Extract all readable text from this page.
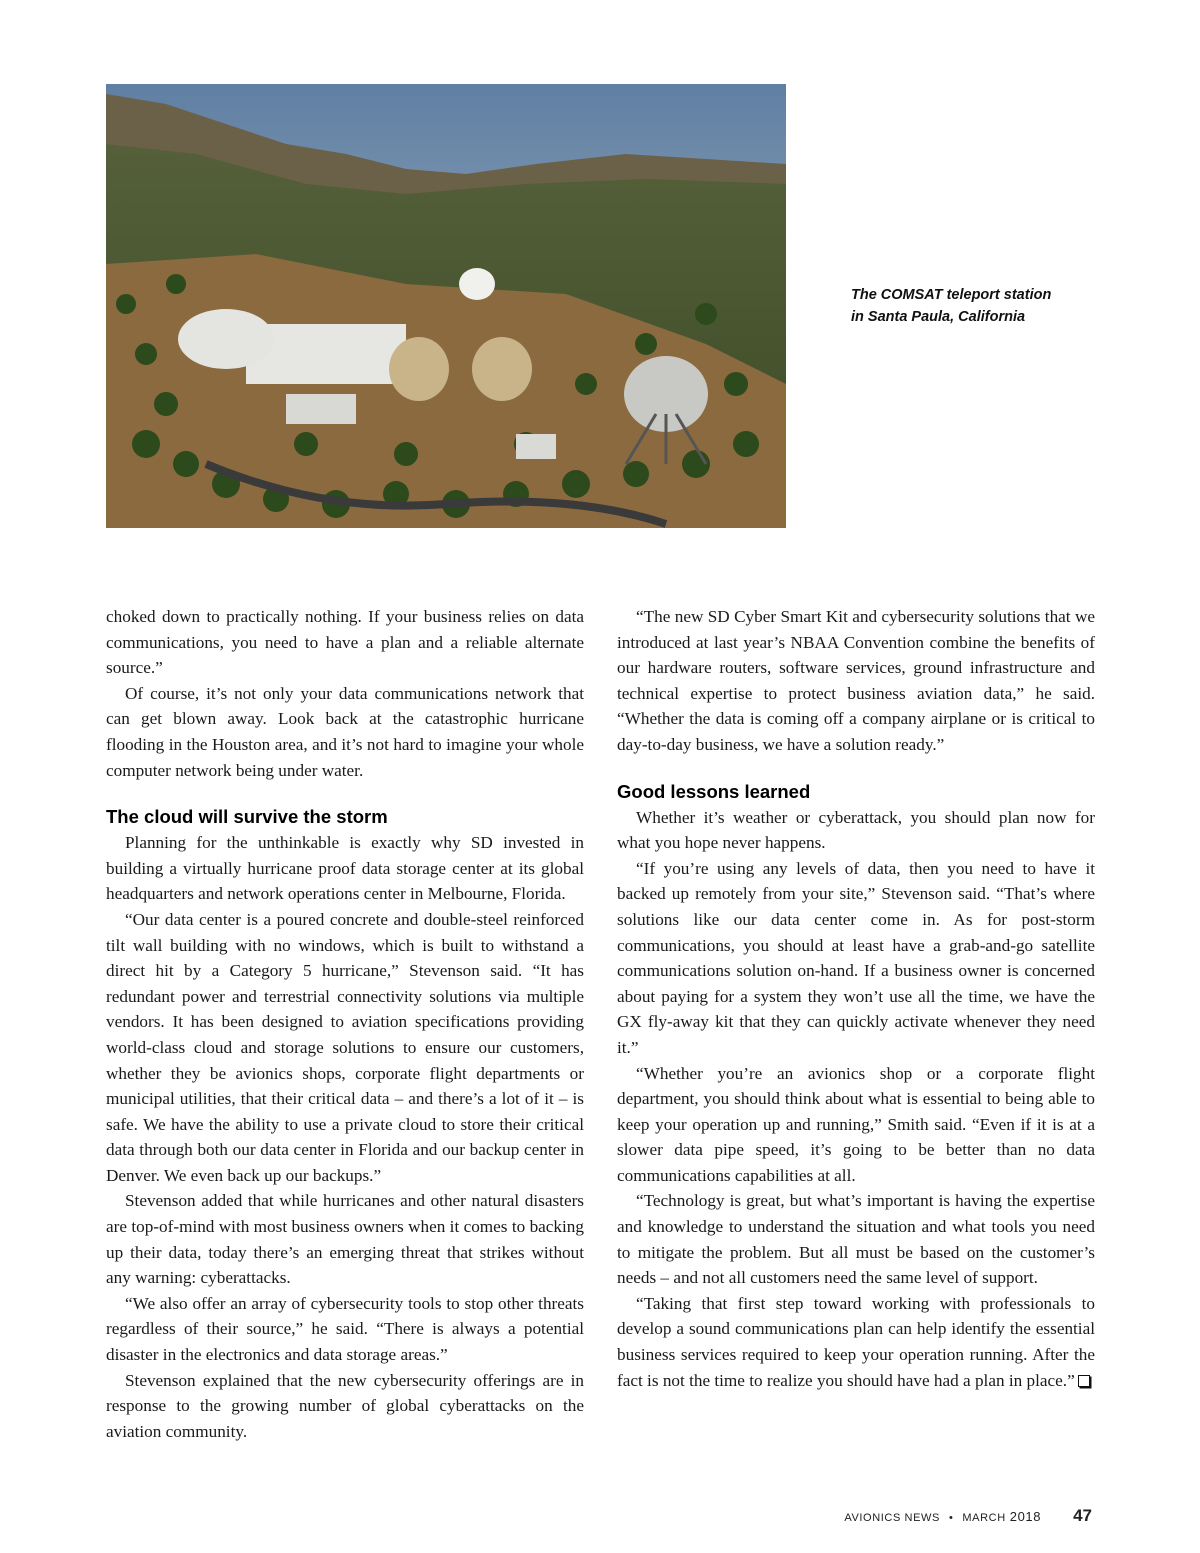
The COMSAT teleport station
in Santa Paula, California

choked down to practically nothing. If your business relies on data communications, you need to have a plan and a reliable alternate source.”

Of course, it’s not only your data communications network that can get blown away. Look back at the catastrophic hurricane flooding in the Houston area, and it’s not hard to imagine your whole computer network being under water.

The cloud will survive the storm

Planning for the unthinkable is exactly why SD invested in building a virtually hurricane proof data storage center at its global headquarters and network operations center in Melbourne, Florida.

“Our data center is a poured concrete and double-steel reinforced tilt wall building with no windows, which is built to withstand a direct hit by a Category 5 hurricane,” Stevenson said. “It has redundant power and terrestrial connectivity solutions via multiple vendors. It has been designed to aviation specifications providing world-class cloud and storage solutions to ensure our customers, whether they be avionics shops, corporate flight departments or municipal utilities, that their critical data – and there’s a lot of it – is safe. We have the ability to use a private cloud to store their critical data through both our data center in Florida and our backup center in Denver. We even back up our backups.”

Stevenson added that while hurricanes and other natural disasters are top-of-mind with most business owners when it comes to backing up their data, today there’s an emerging threat that strikes without any warning: cyberattacks.

“We also offer an array of cybersecurity tools to stop other threats regardless of their source,” he said. “There is always a potential disaster in the electronics and data storage areas.”

Stevenson explained that the new cybersecurity offerings are in response to the growing number of global cyberattacks on the aviation community.

“The new SD Cyber Smart Kit and cybersecurity solutions that we introduced at last year’s NBAA Convention combine the benefits of our hardware routers, software services, ground infrastructure and technical expertise to protect business aviation data,” he said. “Whether the data is coming off a company airplane or is critical to day-to-day business, we have a solution ready.”

Good lessons learned

Whether it’s weather or cyberattack, you should plan now for what you hope never happens.

“If you’re using any levels of data, then you need to have it backed up remotely from your site,” Stevenson said. “That’s where solutions like our data center come in. As for post-storm communications, you should at least have a grab-and-go satellite communications solution on-hand. If a business owner is concerned about paying for a system they won’t use all the time, we have the GX fly-away kit that they can quickly activate whenever they need it.”

“Whether you’re an avionics shop or a corporate flight department, you should think about what is essential to being able to keep your operation up and running,” Smith said. “Even if it is at a slower data pipe speed, it’s going to be better than no data communications capabilities at all.

“Technology is great, but what’s important is having the expertise and knowledge to understand the situation and what tools you need to mitigate the problem. But all must be based on the customer’s needs – and not all customers need the same level of support.

“Taking that first step toward working with professionals to develop a sound communications plan can help identify the essential business services required to keep your operation running. After the fact is not the time to realize you should have had a plan in place.”

AVIONICS NEWS • MARCH 2018 47
